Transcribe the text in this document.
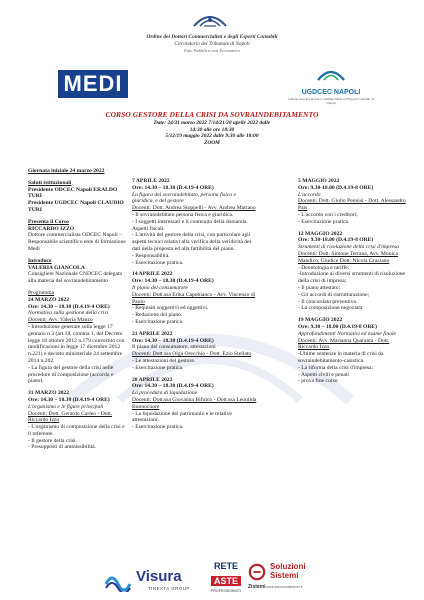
Ordine dei Dottori Commercialisti e degli Esperti Contabili
Circondario del Tribunale di Napoli
Ente Pubblico non Economico
MEDI	UGDCEC NAPOLI
Unione Giovani Dottori Commercialisti ed Esperti Contabili di Napoli
CORSO GESTORE DELLA CRISI DA SOVRAINDEBITAMENTO
Date: 24/31 marzo 2022 7/14/21/28 aprile 2022 dalle
14:30 alle ore 18:30
5/12/19 maggio 2022 dalle 9:30 alle 18:00
ZOOM
Giornata iniziale 24 marzo 2022
Saluti istituzionali
Presidente ODCEC Napoli ERALDO TURI
Presidente UGDCEC Napoli CLAUDIO TURI
Presenta il Corso
RICCARDO IZZO
Dottore commercialista ODCEC Napoli – Responsabile scientifico ente di formazione Medi
Introduce
VALERIA GIANCOLA
Consigliere Nazionale CNDCEC delegato alla materia del sovraindebitamento
Programma
24 MARZO 2022
Ore: 14.30 – 18.30 (D.4.19-4 ORE)
Normativa sulla gestione della crisi
Docenti: Avv. Valeria Manzo
- Introduzione generale sulla legge 17 gennaio n.3 (art.18, comma 1, del Decreto legge 18 ottobre 2012 n.179 convertito con modificazioni in legge 17 dicembre 2012 n.221) e decreto ministeriale 24 settembre 2014 n.202.
- La figura del gestore della crisi nelle procedure di composizione (accordo e piano).
31 MARZO 2022
Ore: 14.30 – 18.30 (D.4.19-4 ORE)
L'organismo e le figure principali
Docenti: Dott. Gerardo Carleo - Dott. Riccardo Izzo
- L'organismo di composizione della crisi e il referente.
- Il gestore della crisi.
- Presupposti di ammissibilità.
7 APRILE 2022
Ore: 14.30 – 18.30 (D.4.19-4 ORE)
La figura del sovraindebitato, persona fisica e giuridica, e del gestore
Docenti: Dott. Andrea Stoppelli - Avv. Andrea Martano
- Il sovraindebitato persona fisica e giuridica.
- I soggetti interessati e il contenuto della domanda. Aspetti fiscali.
- L'attività del gestore della crisi, con particolare agli aspetti tecnici relativi alla verifica della veridicità dei dati della proposta ed alla fattibilità del piano.
- Responsabilità.
- Esercitazione pratica.
14 APRILE 2022
Ore: 14.30 – 18.30 (D.4.19-4 ORE)
Il piano del consumatore
Docenti: Dott.ssa Erika Capobianco - Avv. Vincenzo di Paolo
- Requisiti soggettivi ed oggettivi.
- Redazione del piano.
- Esercitazione pratica.
21 APRILE 2022
Ore: 14.30 – 18.30 (D.4.19-4 ORE)
Il piano del consumatore, attestazioni
Docenti: Dott.ssa Olga Orecchio - Dott. Ezio Stellato
- Le attestazioni del gestore.
- Esercitazione pratica.
28 APRILE 2022
Ore: 14.30 – 18.30 (D.4.19-4 ORE)
La procedura di liquidazione
Docenti: Dott.ssa Giovanna Bifulco - Dott.ssa Leonilda Buonocuore
- La liquidazione del patrimonio e le relative attestazioni.
- Esercitazione pratica.
5 MAGGIO 2022
Ore: 9.30-18.00 (D.4.19-8 ORE)
L'accordo
Docenti: Dott. Giulio Pennisi - Dott. Alessandro Pais
- L'accordo con i creditori;
- Esercitazione pratica.
12 MAGGIO 2022
Ore: 9.30-18.00 (D.4.19-8 ORE)
Strumenti di risoluzione della crisi d'impresa
Docenti: Dott. Simone Terrana, Avv. Monica Mandico, Giudice Dott. Nicola Graziano
- Deontologia e tariffe;
-Introduzione ai diversi strumenti di risoluzione della crisi di impresa;
- Il piano attestato;
- Gli accordi di ristrutturazione;
- Il concordato preventivo.
- La composizione negoziata
19 MAGGIO 2022
Ore: 9.30 – 18.00 (D.4.19-8 ORE)
Approfondimenti Normativi ed esame finale
Docenti: Avv. Marianna Quaranta - Dott. Riccardo Izzo
-Ultime sentenze in materia di crisi da sovraindebitamento-casistica.
- La riforma della crisi d'impresa;
- Aspetti civili e penali
- prova fine corso
Visura
TINEXTA GROUP
RETE
ASTE
PROFESSIONISTI
Soluzioni
Sistemi
Zistemi www.soluzionisistemi.it
